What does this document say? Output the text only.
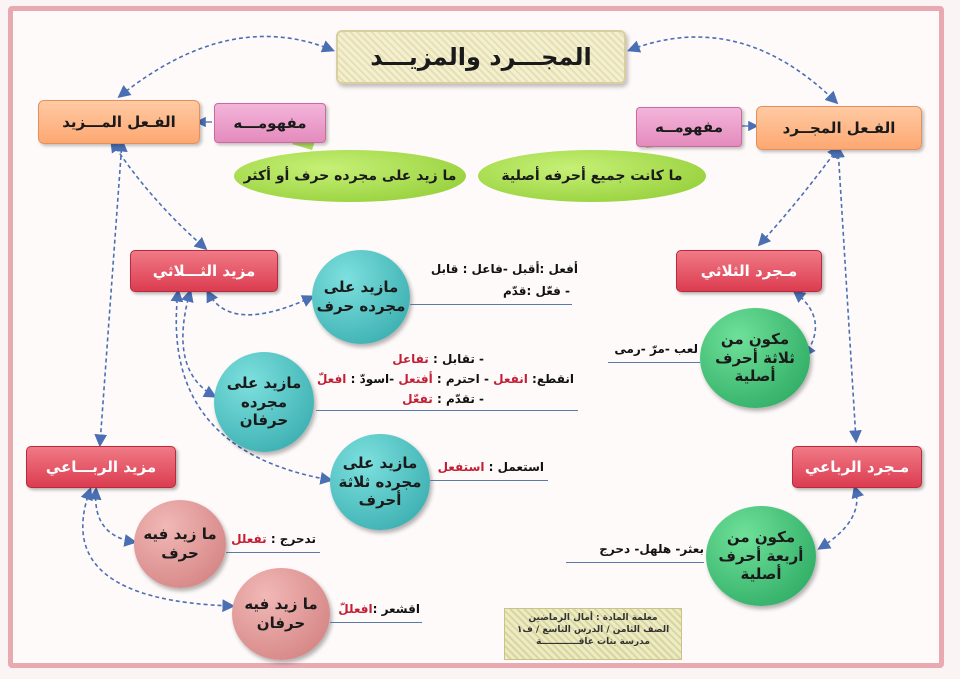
المجـــرد والمزيـــد
الفـعل المـــزيد	الفـعل المجــرد
مفهومـــه	مفهومــه
ما زيد على مجرده حرف أو أكثر	ما كانت جميع أحرفه أصلية
مزيد الثـــلاثي	مـجرد الثلاثي
مزيد الربـــاعي	مـجرد الرباعي
مكون من
ثلاثة أحرف
أصلية
مكون من
أربعة أحرف
أصلية
مازيد على
مجرده حرف
مازيد على
مجرده
حرفان
مازيد على
مجرده ثلاثة
أحرف
ما زيد فيه
حرف
ما زيد فيه
حرفان
لعب -مرّ -رمى
بعثر- هلهل- دحرج
أفعل :أقبل -فاعل : قابل
- فعّل :قدّم
- تقابل : تفاعل
انقطع: انفعل - احترم : أفتعل -اسودّ : افعلّ
- تقدّم : تفعّل
استعمل : استفعل
تدحرج : تفعلل
اقشعر :افعللّ
معلمة المادة : أمال الرماضين
الصف الثامن / الدرس التاسع / ف١
مدرسة بنات عاقــــــــــــة
